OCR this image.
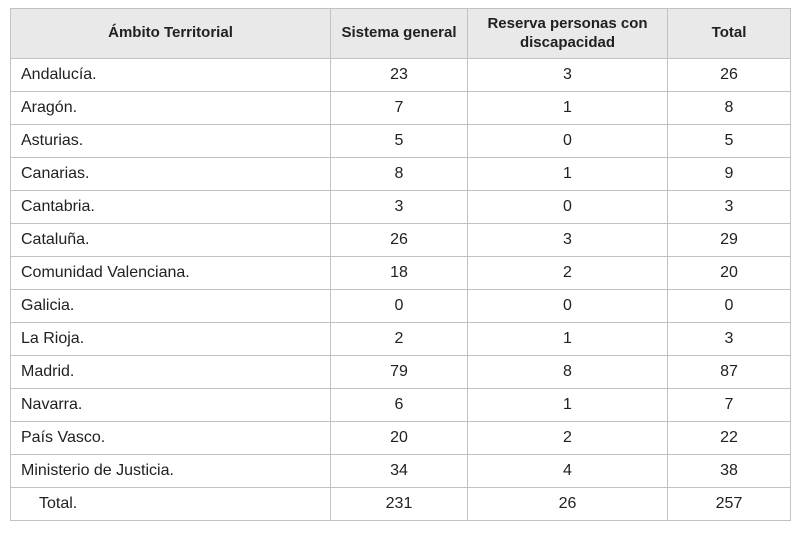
Ámbito Territorial	Sistema general	Reserva personas con discapacidad	Total
Andalucía.	23	3	26
Aragón.	7	1	8
Asturias.	5	0	5
Canarias.	8	1	9
Cantabria.	3	0	3
Cataluña.	26	3	29
Comunidad Valenciana.	18	2	20
Galicia.	0	0	0
La Rioja.	2	1	3
Madrid.	79	8	87
Navarra.	6	1	7
País Vasco.	20	2	22
Ministerio de Justicia.	34	4	38
Total.	231	26	257
